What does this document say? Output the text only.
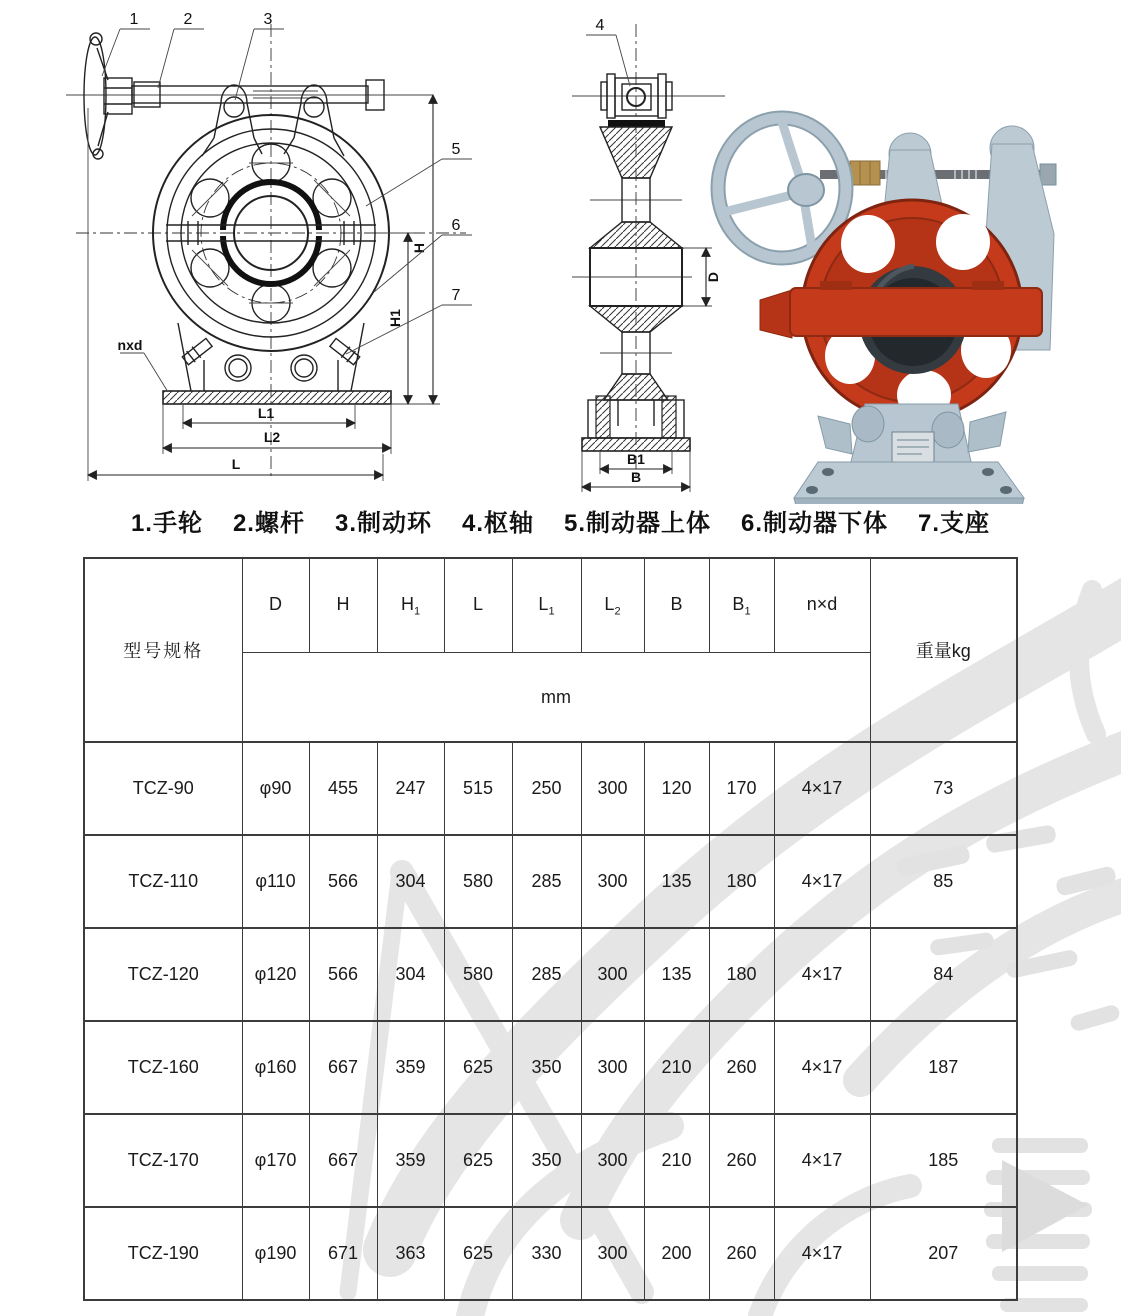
L1
L2
L
H1
H
nxd
1	2	3
5
6
7
D
B1
B
4
1.手轮 2.螺杆 3.制动环 4.枢轴 5.制动器上体 6.制动器下体 7.支座
型号规格	D	H	$H_1$	L	$L_1$	$L_2$	B	$B_1$	n×d	重量kg
	mm									
TCZ-90	φ90	455	247	515	250	300	120	170	4×17	73
TCZ-110	φ110	566	304	580	285	300	135	180	4×17	85
TCZ-120	φ120	566	304	580	285	300	135	180	4×17	84
TCZ-160	φ160	667	359	625	350	300	210	260	4×17	187
TCZ-170	φ170	667	359	625	350	300	210	260	4×17	185
TCZ-190	φ190	671	363	625	330	300	200	260	4×17	207
